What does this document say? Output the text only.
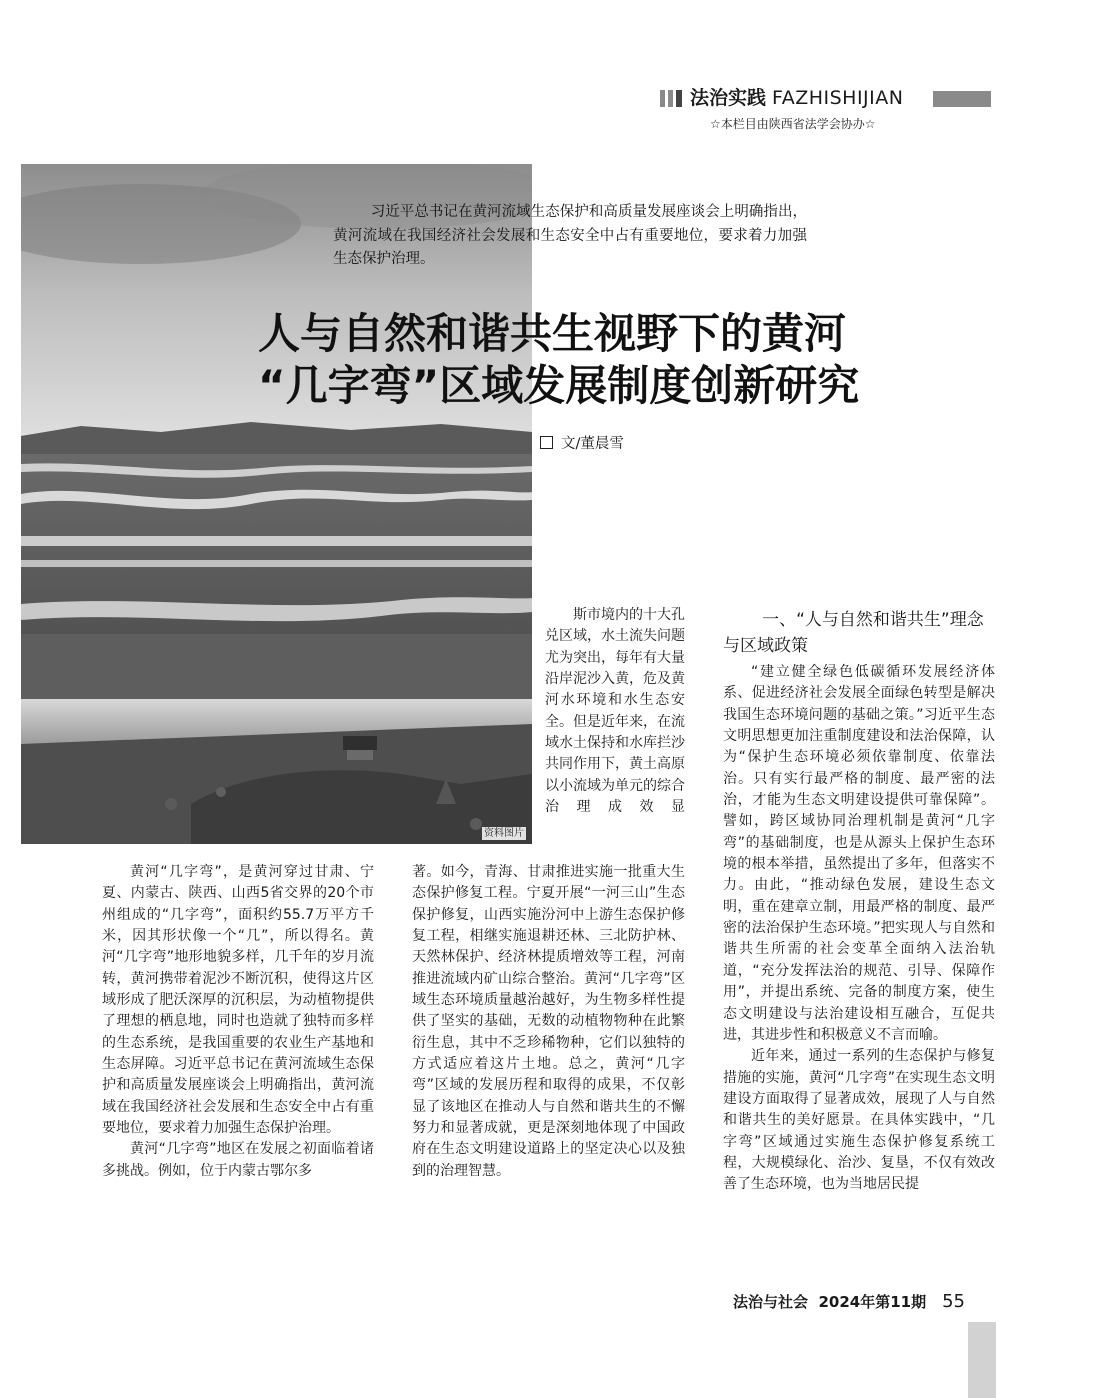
法治实践 FAZHISHIJIAN
☆本栏目由陕西省法学会协办☆
资料图片

习近平总书记在黄河流域生态保护和高质量发展座谈会上明确指出，黄河流域在我国经济社会发展和生态安全中占有重要地位，要求着力加强生态保护治理。

人与自然和谐共生视野下的黄河
“几字弯”区域发展制度创新研究
文/董晨雪

黄河“几字弯”，是黄河穿过甘肃、宁夏、内蒙古、陕西、山西5省交界的20个市州组成的“几字弯”，面积约55.7万平方千米，因其形状像一个“几”，所以得名。黄河“几字弯”地形地貌多样，几千年的岁月流转，黄河携带着泥沙不断沉积，使得这片区域形成了肥沃深厚的沉积层，为动植物提供了理想的栖息地，同时也造就了独特而多样的生态系统，是我国重要的农业生产基地和生态屏障。习近平总书记在黄河流域生态保护和高质量发展座谈会上明确指出，黄河流域在我国经济社会发展和生态安全中占有重要地位，要求着力加强生态保护治理。

黄河“几字弯”地区在发展之初面临着诸多挑战。例如，位于内蒙古鄂尔多

斯市境内的十大孔兑区域，水土流失问题尤为突出，每年有大量沿岸泥沙入黄，危及黄河水环境和水生态安全。但是近年来，在流域水土保持和水库拦沙共同作用下，黄土高原以小流域为单元的综合治理成效显

著。如今，青海、甘肃推进实施一批重大生态保护修复工程。宁夏开展“一河三山”生态保护修复，山西实施汾河中上游生态保护修复工程，相继实施退耕还林、三北防护林、天然林保护、经济林提质增效等工程，河南推进流域内矿山综合整治。黄河“几字弯”区域生态环境质量越治越好，为生物多样性提供了坚实的基础，无数的动植物物种在此繁衍生息，其中不乏珍稀物种，它们以独特的方式适应着这片土地。总之，黄河“几字弯”区域的发展历程和取得的成果，不仅彰显了该地区在推动人与自然和谐共生的不懈努力和显著成就，更是深刻地体现了中国政府在生态文明建设道路上的坚定决心以及独到的治理智慧。

一、“人与自然和谐共生”理念
与区域政策

“建立健全绿色低碳循环发展经济体系、促进经济社会发展全面绿色转型是解决我国生态环境问题的基础之策。”习近平生态文明思想更加注重制度建设和法治保障，认为“保护生态环境必须依靠制度、依靠法治。只有实行最严格的制度、最严密的法治，才能为生态文明建设提供可靠保障”。譬如，跨区域协同治理机制是黄河“几字弯”的基础制度，也是从源头上保护生态环境的根本举措，虽然提出了多年，但落实不力。由此，“推动绿色发展，建设生态文明，重在建章立制，用最严格的制度、最严密的法治保护生态环境。”把实现人与自然和谐共生所需的社会变革全面纳入法治轨道，“充分发挥法治的规范、引导、保障作用”，并提出系统、完备的制度方案，使生态文明建设与法治建设相互融合，互促共进，其进步性和积极意义不言而喻。

近年来，通过一系列的生态保护与修复措施的实施，黄河“几字弯”在实现生态文明建设方面取得了显著成效，展现了人与自然和谐共生的美好愿景。在具体实践中，“几字弯”区域通过实施生态保护修复系统工程，大规模绿化、治沙、复垦，不仅有效改善了生态环境，也为当地居民提

法治与社会 2024年第11期 55
